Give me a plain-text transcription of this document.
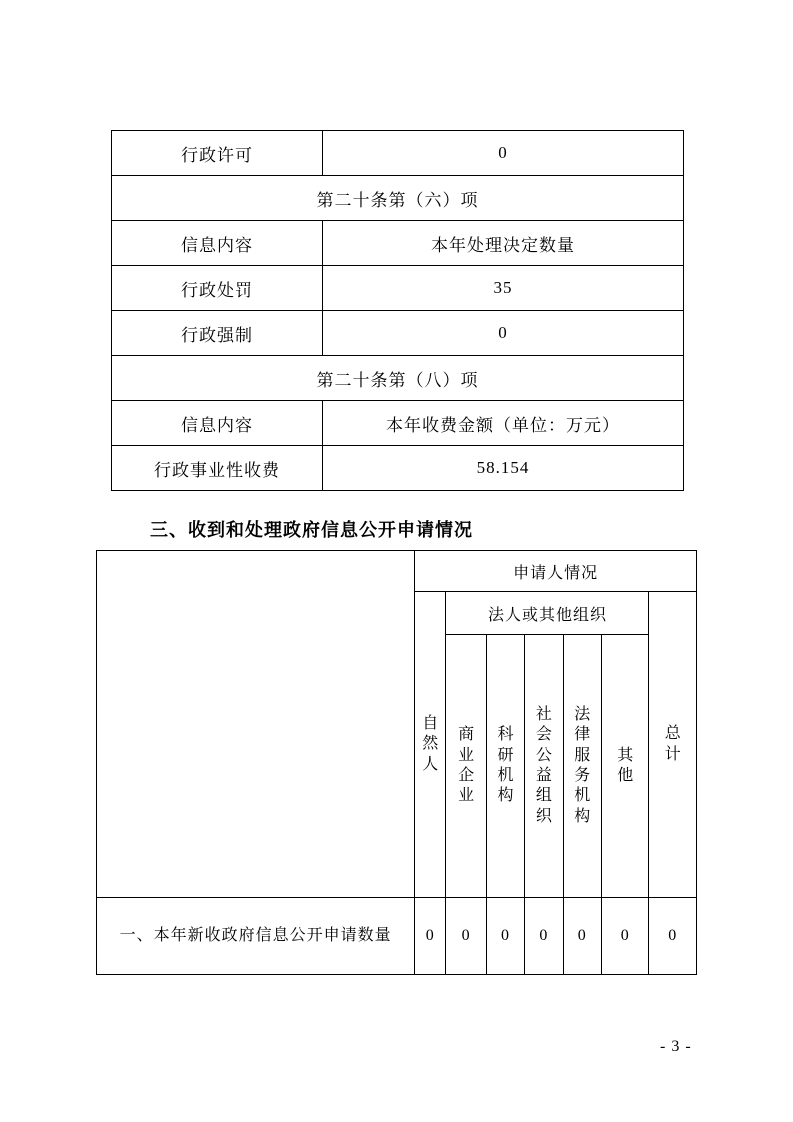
行政许可	0
第二十条第（六）项	
信息内容	本年处理决定数量
行政处罚	35
行政强制	0
第二十条第（八）项	
信息内容	本年收费金额（单位：万元）
行政事业性收费	58.154
三、收到和处理政府信息公开申请情况
	申请人情况						

	自然人	法人或其他组织					总计

		商业企业	科研机构	社会公益组织	法律服务机构	其他	

一、本年新收政府信息公开申请数量	0	0	0	0	0	0	0
- 3 -
